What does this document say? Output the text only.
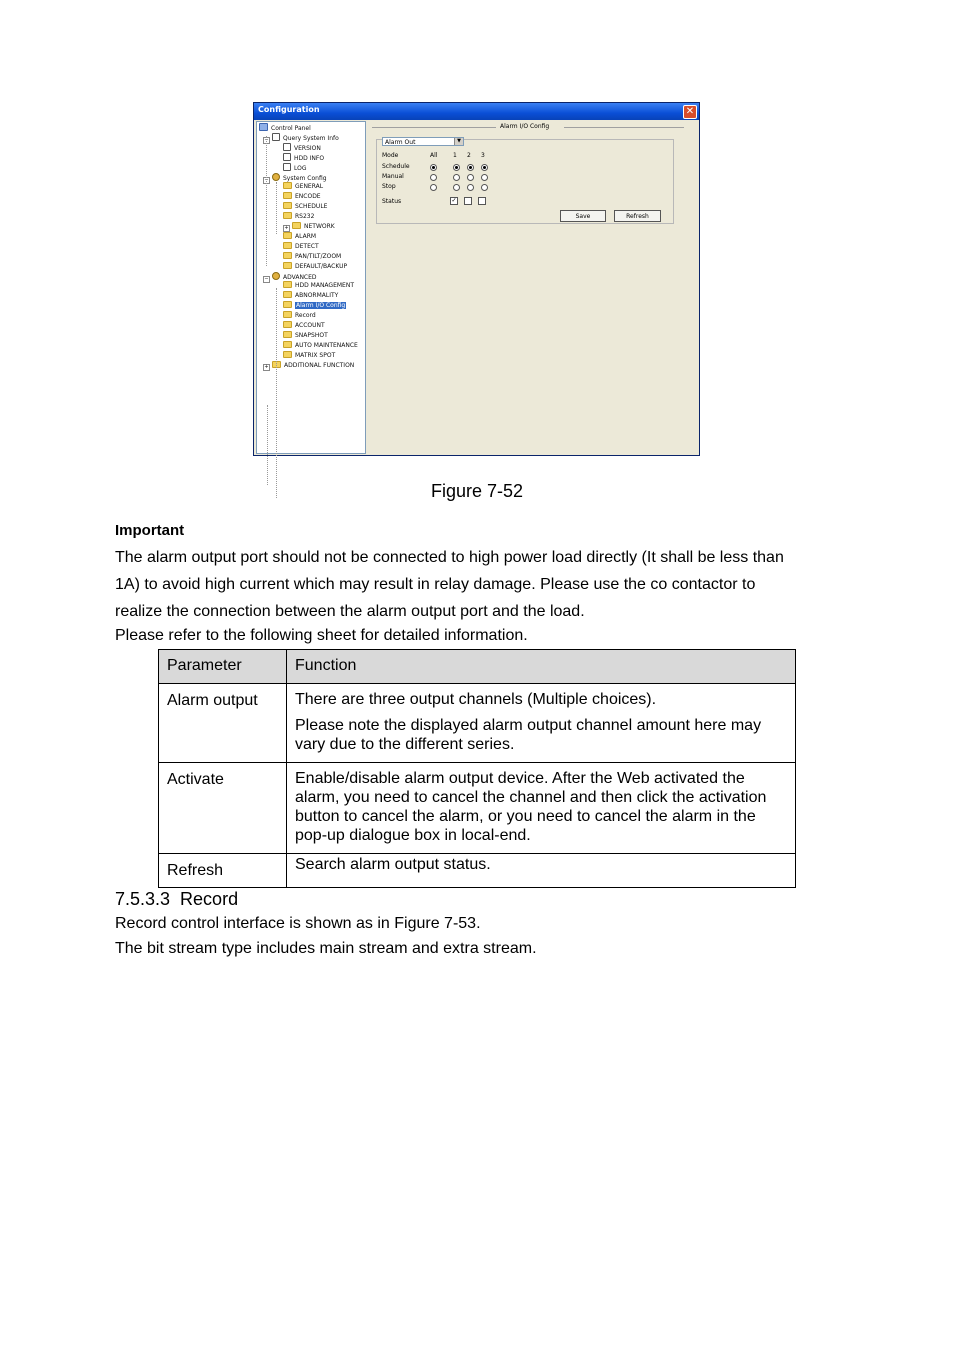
Configuration	✕
Control Panel
− Query System Info
VERSION
HDD INFO
LOG
− System Config
GENERAL
ENCODE
SCHEDULE
RS232
+	NETWORK
ALARM
DETECT
PAN/TILT/ZOOM
DEFAULT/BACKUP
− ADVANCED
HDD MANAGEMENT
ABNORMALITY
Alarm I/O Config
Record
ACCOUNT
SNAPSHOT
AUTO MAINTENANCE
MATRIX SPOT
+	ADDITIONAL FUNCTION
Alarm I/O Config
Alarm Out	▼
Mode	All	1 2 3
Schedule
Manual
Stop
Status	✓
Save	Refresh
Figure 7-52
Important
The alarm output port should not be connected to high power load directly (It shall be less than
1A) to avoid high current which may result in relay damage. Please use the co contactor to
realize the connection between the alarm output port and the load.
Please refer to the following sheet for detailed information.
Parameter	Function
Alarm output	There are three output channels (Multiple choices).

Please note the displayed alarm output channel amount here may vary due to the different series.

Activate	Enable/disable alarm output device. After the Web activated the alarm, you need to cancel the channel and then click the activation button to cancel the alarm, or you need to cancel the alarm in the pop-up dialogue box in local-end.

Refresh	Search alarm output status.

7.5.3.3  Record
Record control interface is shown as in Figure 7-53.
The bit stream type includes main stream and extra stream.
